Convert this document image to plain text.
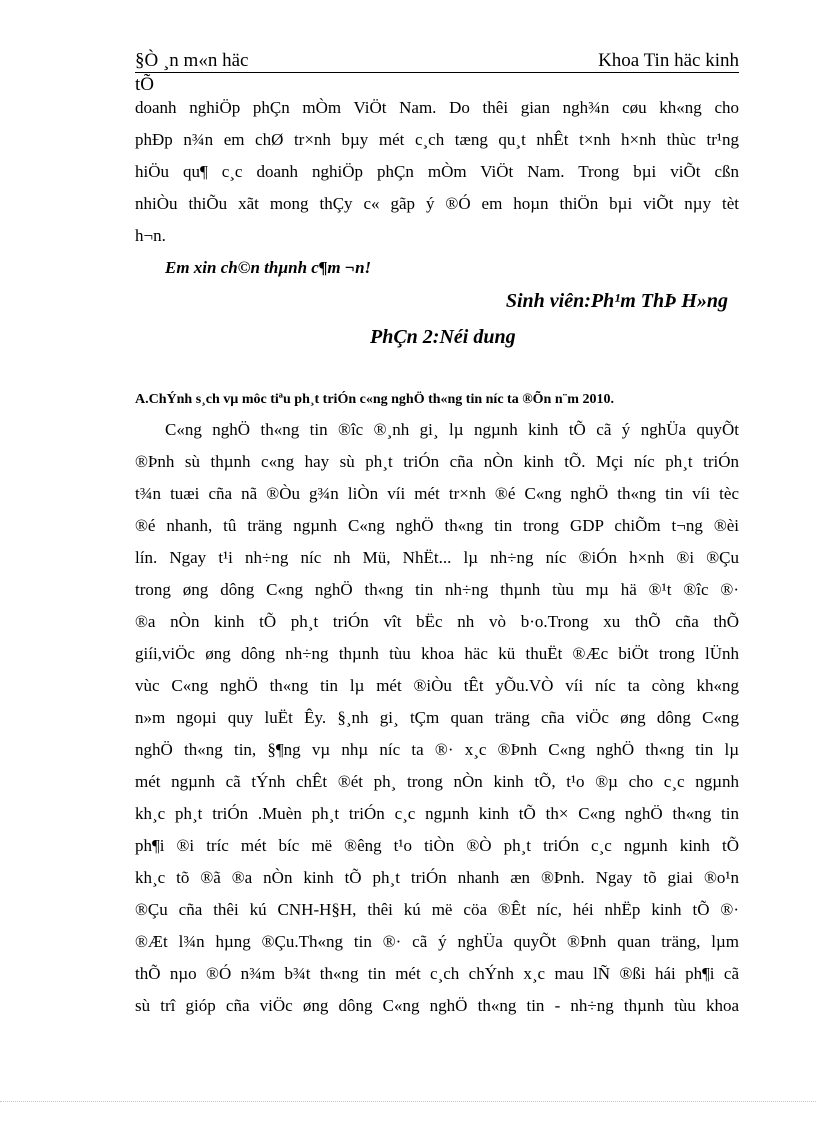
§Ò ¸n m«n häc	Khoa Tin häc kinh
tÕ
doanh nghiÖp phÇn mÒm ViÖt Nam. Do thêi gian ngh¾n cøu kh«ng cho
phÐp n¾n em chØ tr×nh bµy mét c¸ch tæng qu¸t nhÊt t×nh h×nh thùc tr¹ng
hiÖu qu¶ c¸c doanh nghiÖp phÇn mÒm ViÖt Nam. Trong bµi viÕt cßn
nhiÒu thiÕu xãt mong thÇy c« gãp ý ®Ó em hoµn thiÖn bµi viÕt nµy tèt
h¬n.
Em xin ch©n thµnh c¶m ¬n!
Sinh viên:Ph¹m ThÞ H»ng
PhÇn 2:Néi dung
A.ChÝnh s¸ch vµ môc tiªu ph¸t triÓn c«ng nghÖ th«ng tin níc ta ®Õn n¨m 2010.
C«ng nghÖ th«ng tin ®îc ®¸nh gi¸ lµ ngµnh kinh tÕ cã ý nghÜa quyÕt
®Þnh sù thµnh c«ng hay sù ph¸t triÓn cña nÒn kinh tÕ. Mçi níc ph¸t triÓn
t¾n tuæi cña nã ®Òu g¾n liÒn víi mét tr×nh ®é C«ng nghÖ th«ng tin víi tèc
®é nhanh, tû träng ngµnh C«ng nghÖ th«ng tin trong GDP chiÕm t¬ng ®èi
lín. Ngay t¹i nh÷ng níc nh Mü, NhËt... lµ nh÷ng níc ®iÓn h×nh ®i ®Çu
trong øng dông C«ng nghÖ th«ng tin nh÷ng thµnh tùu mµ hä ®¹t ®îc ®·
®a nÒn kinh tÕ ph¸t triÓn vît bËc nh vò b·o.Trong xu thÕ cña thÕ
giíi,viÖc øng dông nh÷ng thµnh tùu khoa häc kü thuËt ®Æc biÖt trong lÜnh
vùc C«ng nghÖ th«ng tin lµ mét ®iÒu tÊt yÕu.VÒ víi níc ta còng kh«ng
n»m ngoµi quy luËt Êy. §¸nh gi¸ tÇm quan träng cña viÖc øng dông C«ng
nghÖ th«ng tin, §¶ng vµ nhµ níc ta ®· x¸c ®Þnh C«ng nghÖ th«ng tin lµ
mét ngµnh cã tÝnh chÊt ®ét ph¸ trong nÒn kinh tÕ, t¹o ®µ cho c¸c ngµnh
kh¸c ph¸t triÓn .Muèn ph¸t triÓn c¸c ngµnh kinh tÕ th× C«ng nghÖ th«ng tin
ph¶i ®i tríc mét bíc më ®êng t¹o tiÒn ®Ò ph¸t triÓn c¸c ngµnh kinh tÕ
kh¸c tõ ®ã ®a nÒn kinh tÕ ph¸t triÓn nhanh æn ®Þnh. Ngay tõ giai ®o¹n
®Çu cña thêi kú CNH-H§H, thêi kú më cöa ®Êt níc, héi nhËp kinh tÕ ®·
®Æt l¾n hµng ®Çu.Th«ng tin ®· cã ý nghÜa quyÕt ®Þnh quan träng, lµm
thÕ nµo ®Ó n¾m b¾t th«ng tin mét c¸ch chÝnh x¸c mau lÑ ®ßi hái ph¶i cã
sù trî gióp cña viÖc øng dông C«ng nghÖ th«ng tin - nh÷ng thµnh tùu khoa
